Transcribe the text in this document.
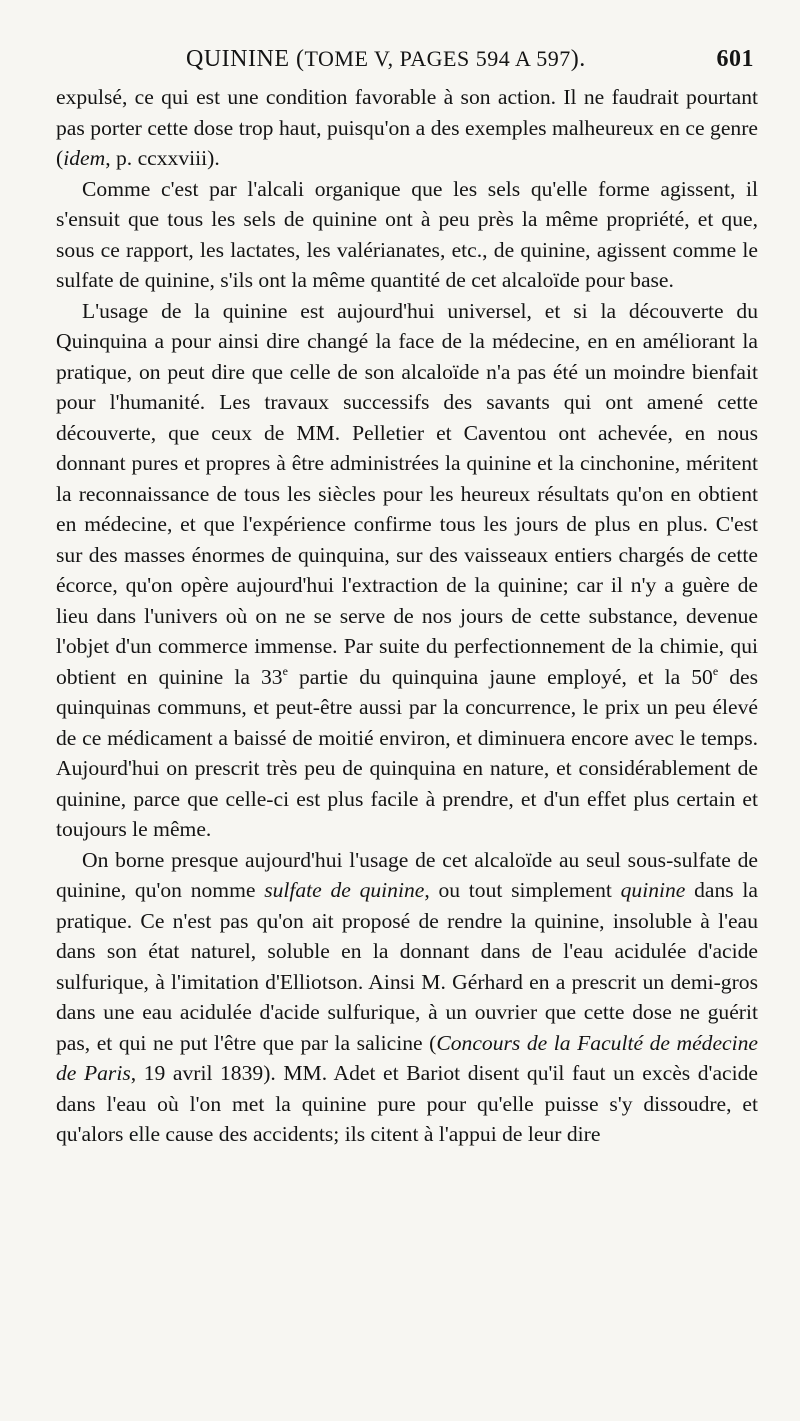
QUININE (TOME V, PAGES 594 A 597).	601

expulsé, ce qui est une condition favorable à son action. Il ne faudrait pourtant pas porter cette dose trop haut, puisqu'on a des exemples malheureux en ce genre (idem, p. ccxxviii).

Comme c'est par l'alcali organique que les sels qu'elle forme agissent, il s'ensuit que tous les sels de quinine ont à peu près la même propriété, et que, sous ce rapport, les lactates, les valérianates, etc., de quinine, agissent comme le sulfate de quinine, s'ils ont la même quantité de cet alcaloïde pour base.

L'usage de la quinine est aujourd'hui universel, et si la découverte du Quinquina a pour ainsi dire changé la face de la médecine, en en améliorant la pratique, on peut dire que celle de son alcaloïde n'a pas été un moindre bienfait pour l'humanité. Les travaux successifs des savants qui ont amené cette découverte, que ceux de MM. Pelletier et Caventou ont achevée, en nous donnant pures et propres à être administrées la quinine et la cinchonine, méritent la reconnaissance de tous les siècles pour les heureux résultats qu'on en obtient en médecine, et que l'expérience confirme tous les jours de plus en plus. C'est sur des masses énormes de quinquina, sur des vaisseaux entiers chargés de cette écorce, qu'on opère aujourd'hui l'extraction de la quinine; car il n'y a guère de lieu dans l'univers où on ne se serve de nos jours de cette substance, devenue l'objet d'un commerce immense. Par suite du perfectionnement de la chimie, qui obtient en quinine la 33e partie du quinquina jaune employé, et la 50e des quinquinas communs, et peut-être aussi par la concurrence, le prix un peu élevé de ce médicament a baissé de moitié environ, et diminuera encore avec le temps. Aujourd'hui on prescrit très peu de quinquina en nature, et considérablement de quinine, parce que celle-ci est plus facile à prendre, et d'un effet plus certain et toujours le même.

On borne presque aujourd'hui l'usage de cet alcaloïde au seul sous-sulfate de quinine, qu'on nomme sulfate de quinine, ou tout simplement quinine dans la pratique. Ce n'est pas qu'on ait proposé de rendre la quinine, insoluble à l'eau dans son état naturel, soluble en la donnant dans de l'eau acidulée d'acide sulfurique, à l'imitation d'Elliotson. Ainsi M. Gérhard en a prescrit un demi-gros dans une eau acidulée d'acide sulfurique, à un ouvrier que cette dose ne guérit pas, et qui ne put l'être que par la salicine (Concours de la Faculté de médecine de Paris, 19 avril 1839). MM. Adet et Bariot disent qu'il faut un excès d'acide dans l'eau où l'on met la quinine pure pour qu'elle puisse s'y dissoudre, et qu'alors elle cause des accidents; ils citent à l'appui de leur dire
